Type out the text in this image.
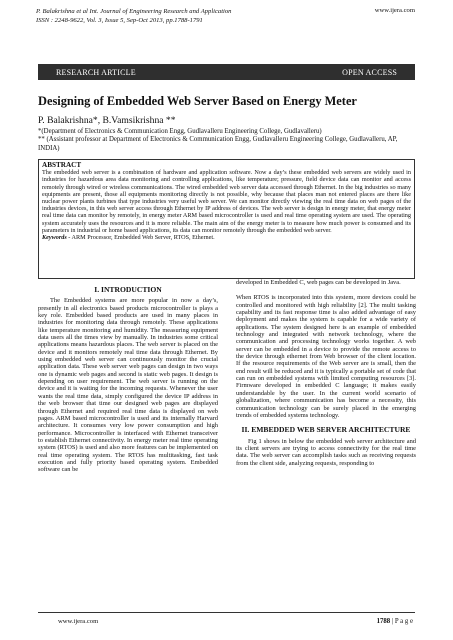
P. Balakrishna et al Int. Journal of Engineering Research and Application
ISSN : 2248-9622, Vol. 3, Issue 5, Sep-Oct 2013, pp.1788-1791
www.ijera.com
RESEARCH ARTICLE	OPEN ACCESS
Designing of Embedded Web Server Based on Energy Meter
P. Balakrishna*, B.Vamsikrishna **
*(Department of Electronics & Communication Engg, Gudlavalleru Engineering College, Gudlavalleru)
** (Assistant professor at Department of Electronics & Communication Engg, Gudlavalleru Engineering College, Gudlavalleru, AP, INDIA)
ABSTRACT
The embedded web server is a combination of hardware and application software. Now a day’s these embedded web servers are widely used in industries for hazardous area data monitoring and controlling applications, like temperature; pressure, field device data can monitor and access remotely through wired or wireless communications. The wired embedded web server data accessed through Ethernet. In the big industries so many equipments are present, those all equipments monitoring directly is not possible, why because that places man not entered places are there like nuclear power plants turbines that type industries very useful web server. We can monitor directly viewing the real time data on web pages of the industries devices, in this web server access through Ethernet by IP address of devices. The web server is design in energy meter, that energy meter real time data can monitor by remotely, in energy meter ARM based microcontroller is used and real time operating system are used. The operating system accurately uses the resources and it is more reliable. The main aim of the energy meter is to measure how much power is consumed and its parameters in industrial or home based applications, its data can monitor remotely through the embedded web server.
Keywords - ARM Processor, Embedded Web Server, RTOS, Ethernet.
I. INTRODUCTION

The Embedded systems are more popular in now a day’s, presently in all electronics based products microcontroller is plays a key role. Embedded based products are used in many places in industries for monitoring data through remotely. These applications like temperature monitoring and humidity. The measuring equipment data users all the times view by manually. In industries some critical applications means hazardous places. The web server is placed on the device and it monitors remotely real time data through Ethernet. By using embedded web server can continuously monitor the crucial application data. These web server web pages can design in two ways one is dynamic web pages and second is static web pages. It design is depending on user requirement. The web server is running on the device and it is waiting for the incoming requests. Whenever the user wants the real time data, simply configured the device IP address in the web browser that time our designed web pages are displayed through Ethernet and required real time data is displayed on web pages. ARM based microcontroller is used and its internally Harvard architecture. It consumes very low power consumption and high performance. Microcontroller is interfaced with Ethernet transceiver to establish Ethernet connectivity. In energy meter real time operating system (RTOS) is used and also more features can be implemented on real time operating system. The RTOS has multitasking, fast task execution and fully priority based operating system. Embedded software can be

developed in Embedded C, web pages can be developed in Java.

When RTOS is incorporated into this system, more devices could be controlled and monitored with high reliability [2]. The multi tasking capability and its fast response time is also added advantage of easy deployment and makes the system is capable for a wide variety of applications. The system designed here is an example of embedded technology and integrated with network technology, where the communication and processing technology works together. A web server can be embedded in a device to provide the remote access to the device through ethernet from Web browser of the client location. If the resource requirements of the Web server are is small, then the end result will be reduced and it is typically a portable set of code that can run on embedded systems with limited computing resources [3]. Firmware developed in embedded C language; it makes easily understandable by the user. In the current world scenario of globalization, where communication has become a necessity, this communication technology can be surely placed in the emerging trends of embedded systems technology.

II. EMBEDDED WEB SERVER ARCHITECTURE

Fig 1 shows in below the embedded web server architecture and its client servers are trying to access connectivity for the real time data. The web server can accomplish tasks such as receiving requests from the client side, analyzing requests, responding to

www.ijera.com	1788 | P a g e
